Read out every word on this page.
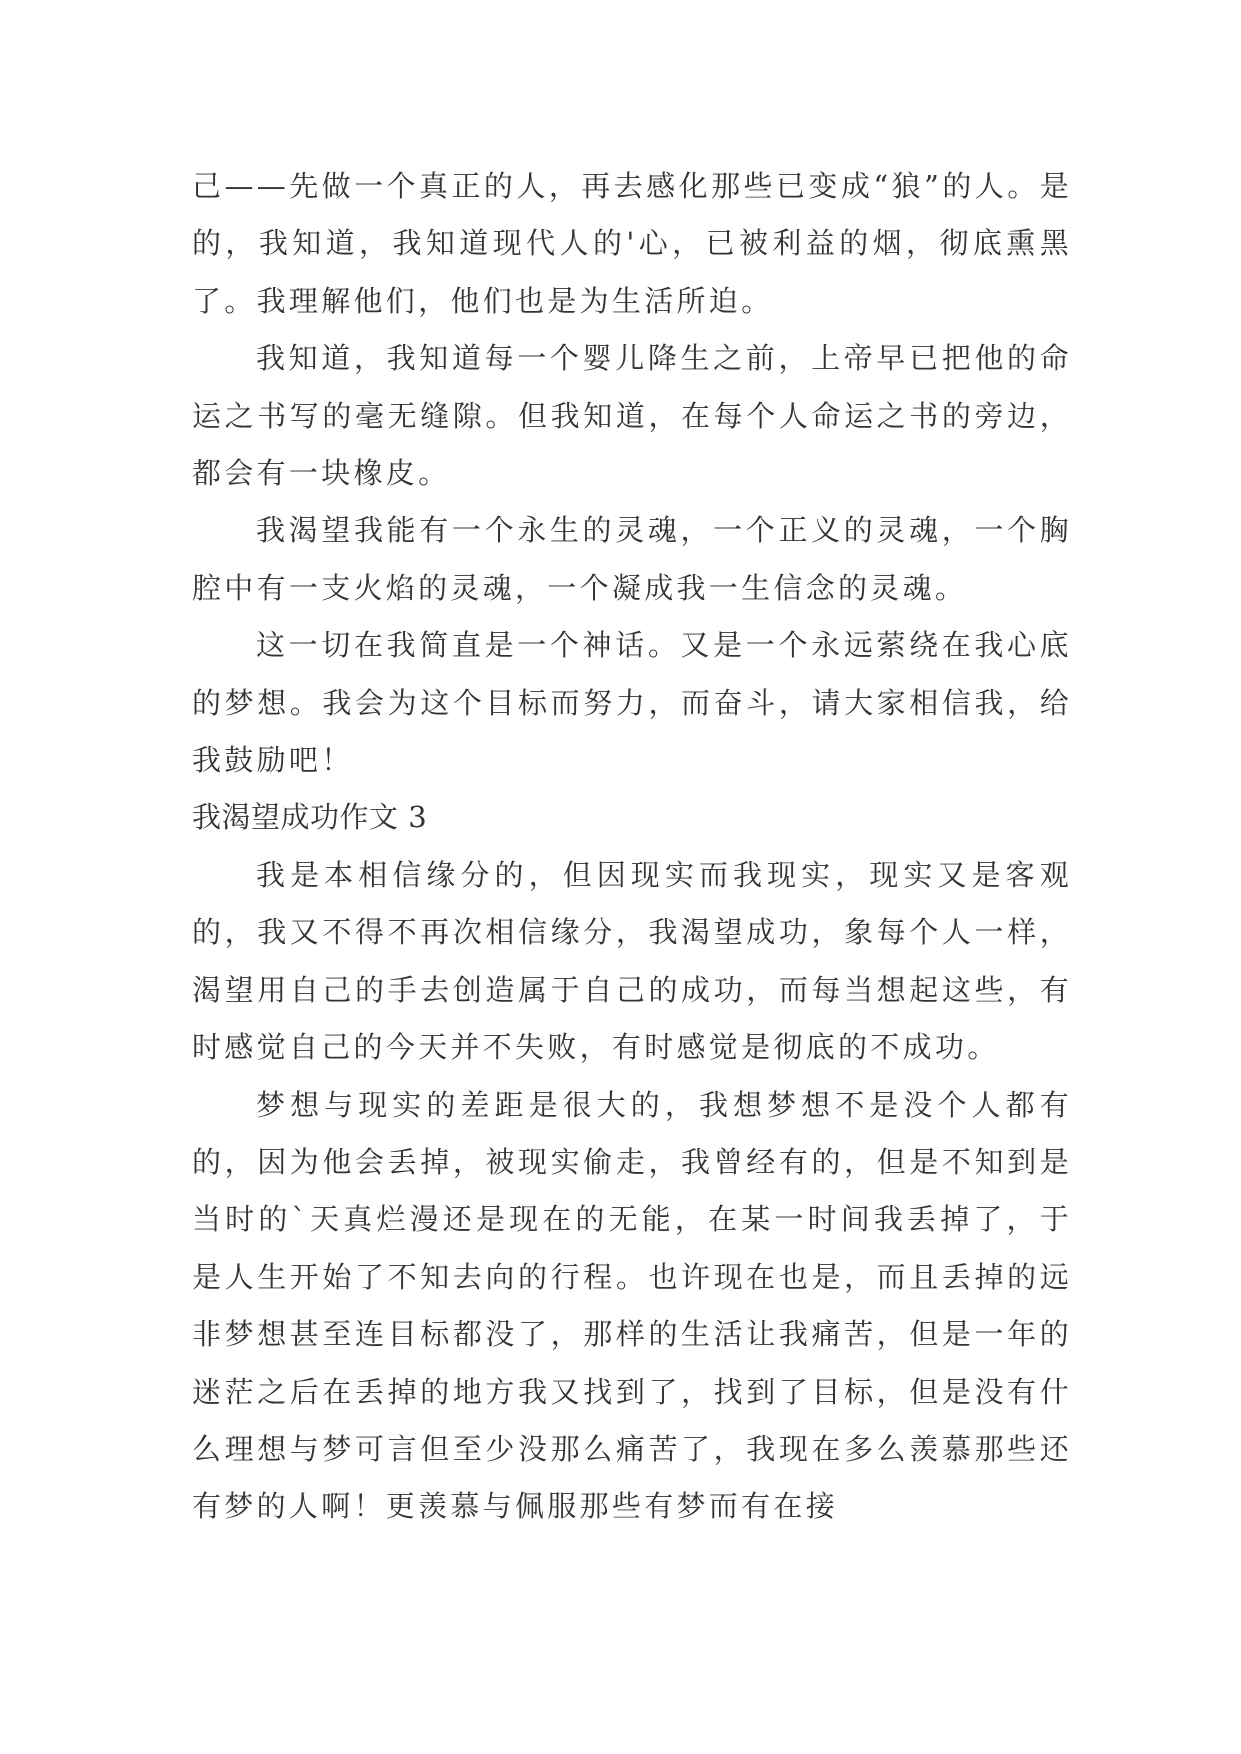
己——先做一个真正的人，再去感化那些已变成“狼”的人。是的，我知道，我知道现代人的'心，已被利益的烟，彻底熏黑了。我理解他们，他们也是为生活所迫。

我知道，我知道每一个婴儿降生之前，上帝早已把他的命运之书写的毫无缝隙。但我知道，在每个人命运之书的旁边，都会有一块橡皮。

我渴望我能有一个永生的灵魂，一个正义的灵魂，一个胸腔中有一支火焰的灵魂，一个凝成我一生信念的灵魂。

这一切在我简直是一个神话。又是一个永远萦绕在我心底的梦想。我会为这个目标而努力，而奋斗，请大家相信我，给我鼓励吧！

我渴望成功作文 3

我是本相信缘分的，但因现实而我现实，现实又是客观的，我又不得不再次相信缘分，我渴望成功，象每个人一样，渴望用自己的手去创造属于自己的成功，而每当想起这些，有时感觉自己的今天并不失败，有时感觉是彻底的不成功。

梦想与现实的差距是很大的，我想梦想不是没个人都有的，因为他会丢掉，被现实偷走，我曾经有的，但是不知到是当时的`天真烂漫还是现在的无能，在某一时间我丢掉了，于是人生开始了不知去向的行程。也许现在也是，而且丢掉的远非梦想甚至连目标都没了，那样的生活让我痛苦，但是一年的迷茫之后在丢掉的地方我又找到了，找到了目标，但是没有什么理想与梦可言但至少没那么痛苦了，我现在多么羡慕那些还有梦的人啊！更羡慕与佩服那些有梦而有在接
